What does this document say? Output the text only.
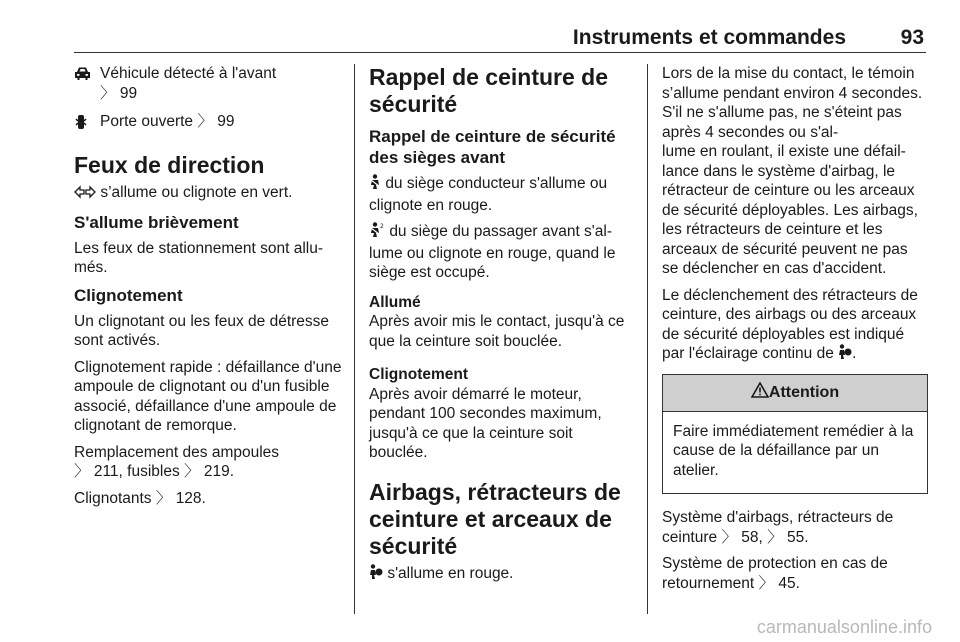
Instruments et commandes	93
Véhicule détecté à l'avant
〉 99
Porte ouverte 〉 99
Feux de direction

s’allume ou clignote en vert.

S'allume brièvement

Les feux de stationnement sont allu-
més.

Clignotement

Un clignotant ou les feux de détresse sont activés.

Clignotement rapide : défaillance d'une ampoule de clignotant ou d'un fusible associé, défaillance d'une ampoule de clignotant de remorque.

Remplacement des ampoules
〉 211, fusibles 〉 219.

Clignotants 〉 128.

Rappel de ceinture de sécurité
Rappel de ceinture de sécurité des sièges avant

du siège conducteur s'allume ou clignote en rouge.

2 du siège du passager avant s'al-
lume ou clignote en rouge, quand le siège est occupé.

Allumé

Après avoir mis le contact, jusqu'à ce que la ceinture soit bouclée.

Clignotement

Après avoir démarré le moteur, pendant 100 secondes maximum, jusqu'à ce que la ceinture soit bouclée.

Airbags, rétracteurs de ceinture et arceaux de sécurité

s'allume en rouge.

Lors de la mise du contact, le témoin s’allume pendant environ 4 secondes. S'il ne s'allume pas, ne s'éteint pas après 4 secondes ou s'al-
lume en roulant, il existe une défail-
lance dans le système d'airbag, le rétracteur de ceinture ou les arceaux de sécurité déployables. Les airbags, les rétracteurs de ceinture et les arceaux de sécurité peuvent ne pas se déclencher en cas d'accident.

Le déclenchement des rétracteurs de ceinture, des airbags ou des arceaux de sécurité déployables est indiqué par l'éclairage continu de .

Attention

Faire immédiatement remédier à la cause de la défaillance par un atelier.

Système d'airbags, rétracteurs de ceinture 〉 58, 〉 55.

Système de protection en cas de retournement 〉 45.

carmanualsonline.info
